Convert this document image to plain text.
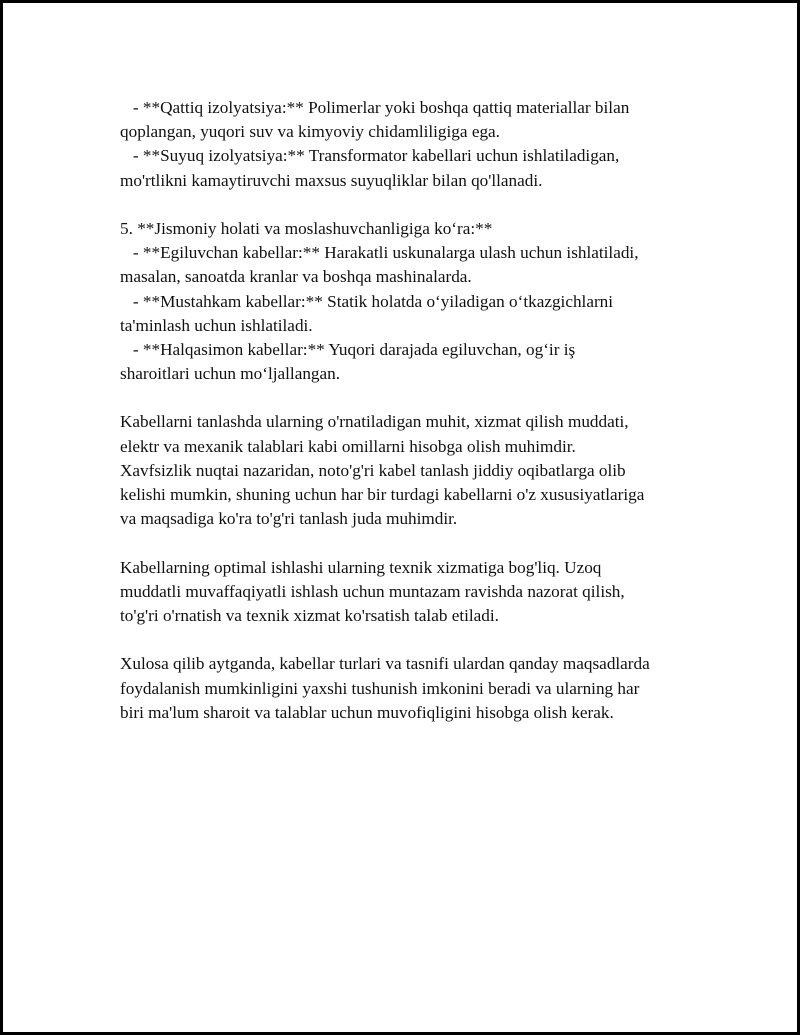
- **Qattiq izolyatsiya:** Polimerlar yoki boshqa qattiq materiallar bilan
qoplangan, yuqori suv va kimyoviy chidamliligiga ega.
- **Suyuq izolyatsiya:** Transformator kabellari uchun ishlatiladigan,
mo'rtlikni kamaytiruvchi maxsus suyuqliklar bilan qo'llanadi.
5. **Jismoniy holati va moslashuvchanligiga ko‘ra:**
- **Egiluvchan kabellar:** Harakatli uskunalarga ulash uchun ishlatiladi,
masalan, sanoatda kranlar va boshqa mashinalarda.
- **Mustahkam kabellar:** Statik holatda o‘yiladigan o‘tkazgichlarni
ta'minlash uchun ishlatiladi.
- **Halqasimon kabellar:** Yuqori darajada egiluvchan, og‘ir iş
sharoitlari uchun mo‘ljallangan.
Kabellarni tanlashda ularning o'rnatiladigan muhit, xizmat qilish muddati,
elektr va mexanik talablari kabi omillarni hisobga olish muhimdir.
Xavfsizlik nuqtai nazaridan, noto'g'ri kabel tanlash jiddiy oqibatlarga olib
kelishi mumkin, shuning uchun har bir turdagi kabellarni o'z xususiyatlariga
va maqsadiga ko'ra to'g'ri tanlash juda muhimdir.
Kabellarning optimal ishlashi ularning texnik xizmatiga bog'liq. Uzoq
muddatli muvaffaqiyatli ishlash uchun muntazam ravishda nazorat qilish,
to'g'ri o'rnatish va texnik xizmat ko'rsatish talab etiladi.
Xulosa qilib aytganda, kabellar turlari va tasnifi ulardan qanday maqsadlarda
foydalanish mumkinligini yaxshi tushunish imkonini beradi va ularning har
biri ma'lum sharoit va talablar uchun muvofiqligini hisobga olish kerak.
